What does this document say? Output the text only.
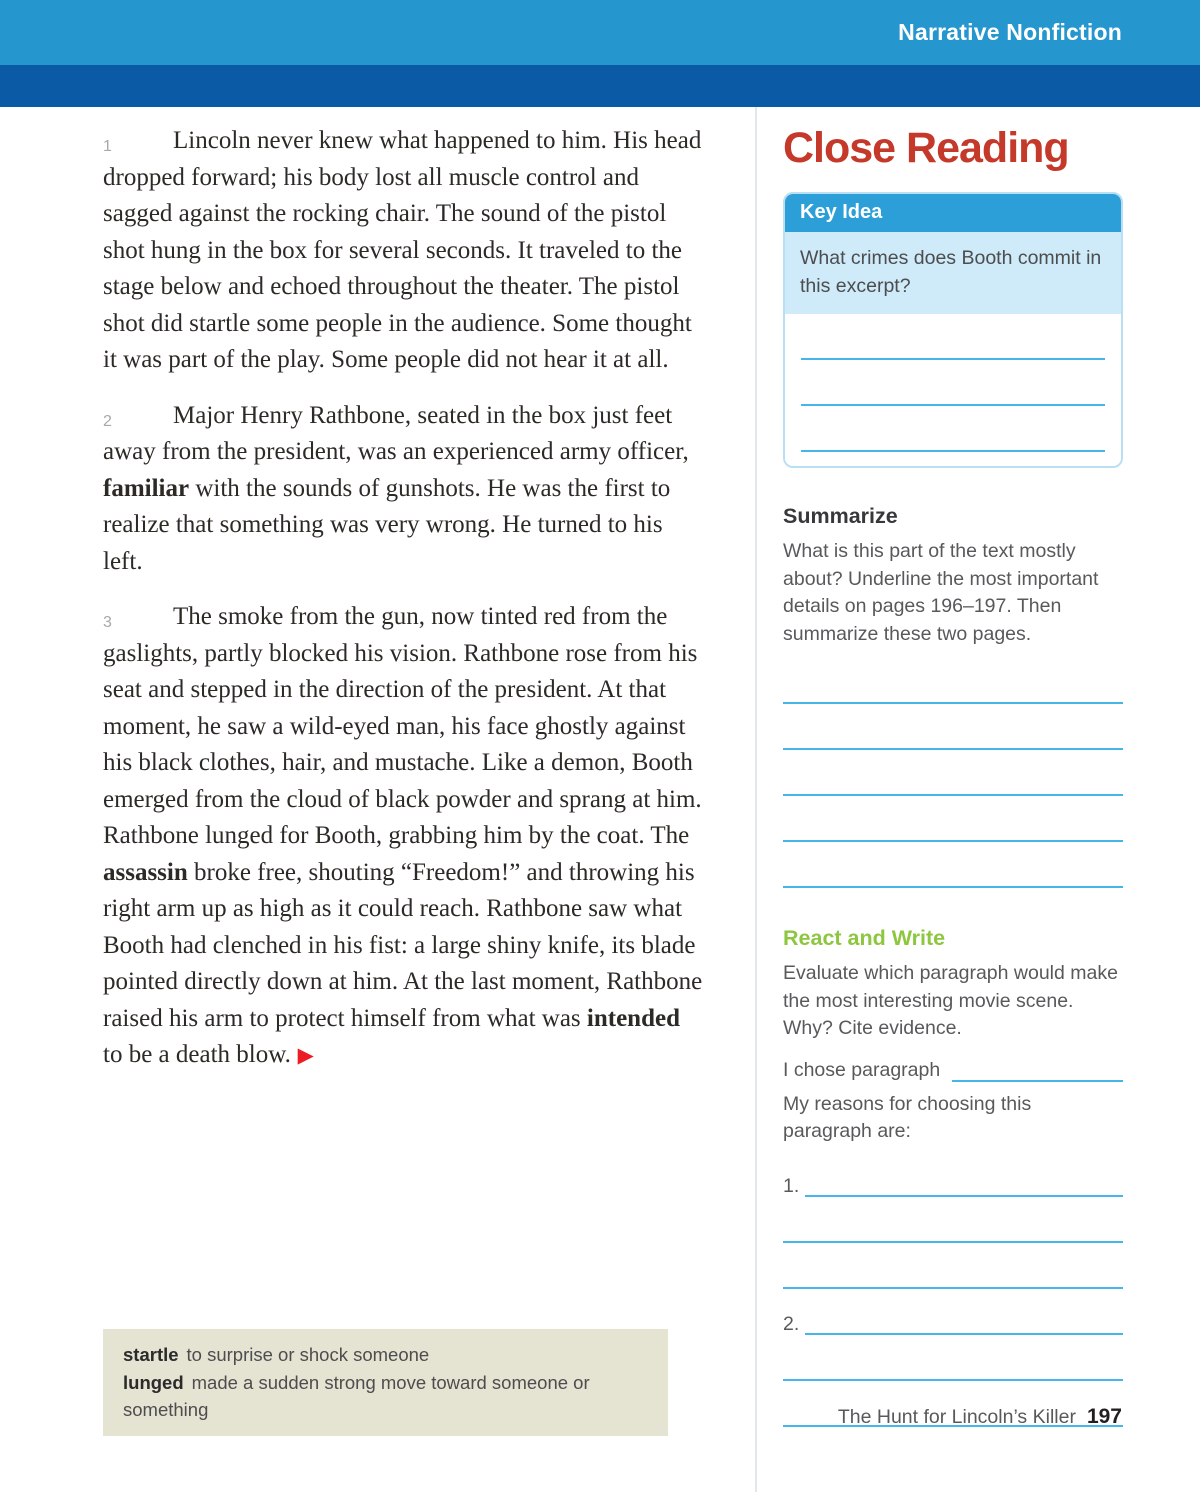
Narrative Nonfiction
1	Lincoln never knew what happened to him. His head dropped forward; his body lost all muscle control and sagged against the rocking chair. The sound of the pistol shot hung in the box for several seconds. It traveled to the stage below and echoed throughout the theater. The pistol shot did startle some people in the audience. Some thought it was part of the play. Some people did not hear it at all.
2	Major Henry Rathbone, seated in the box just feet away from the president, was an experienced army officer, familiar with the sounds of gunshots. He was the first to realize that something was very wrong. He turned to his left.
3	The smoke from the gun, now tinted red from the gaslights, partly blocked his vision. Rathbone rose from his seat and stepped in the direction of the president. At that moment, he saw a wild-eyed man, his face ghostly against his black clothes, hair, and mustache. Like a demon, Booth emerged from the cloud of black powder and sprang at him. Rathbone lunged for Booth, grabbing him by the coat. The assassin broke free, shouting “Freedom!” and throwing his right arm up as high as it could reach. Rathbone saw what Booth had clenched in his fist: a large shiny knife, its blade pointed directly down at him. At the last moment, Rathbone raised his arm to protect himself from what was intended to be a death blow. ▶
startle to surprise or shock someone
lunged made a sudden strong move toward someone or something
Close Reading
Key Idea
What crimes does Booth commit in this excerpt?
Summarize

What is this part of the text mostly about? Underline the most important details on pages 196–197. Then summarize these two pages.

React and Write

Evaluate which paragraph would make the most interesting movie scene. Why? Cite evidence.

I chose paragraph

My reasons for choosing this paragraph are:

1.
2.
The Hunt for Lincoln’s Killer 197
